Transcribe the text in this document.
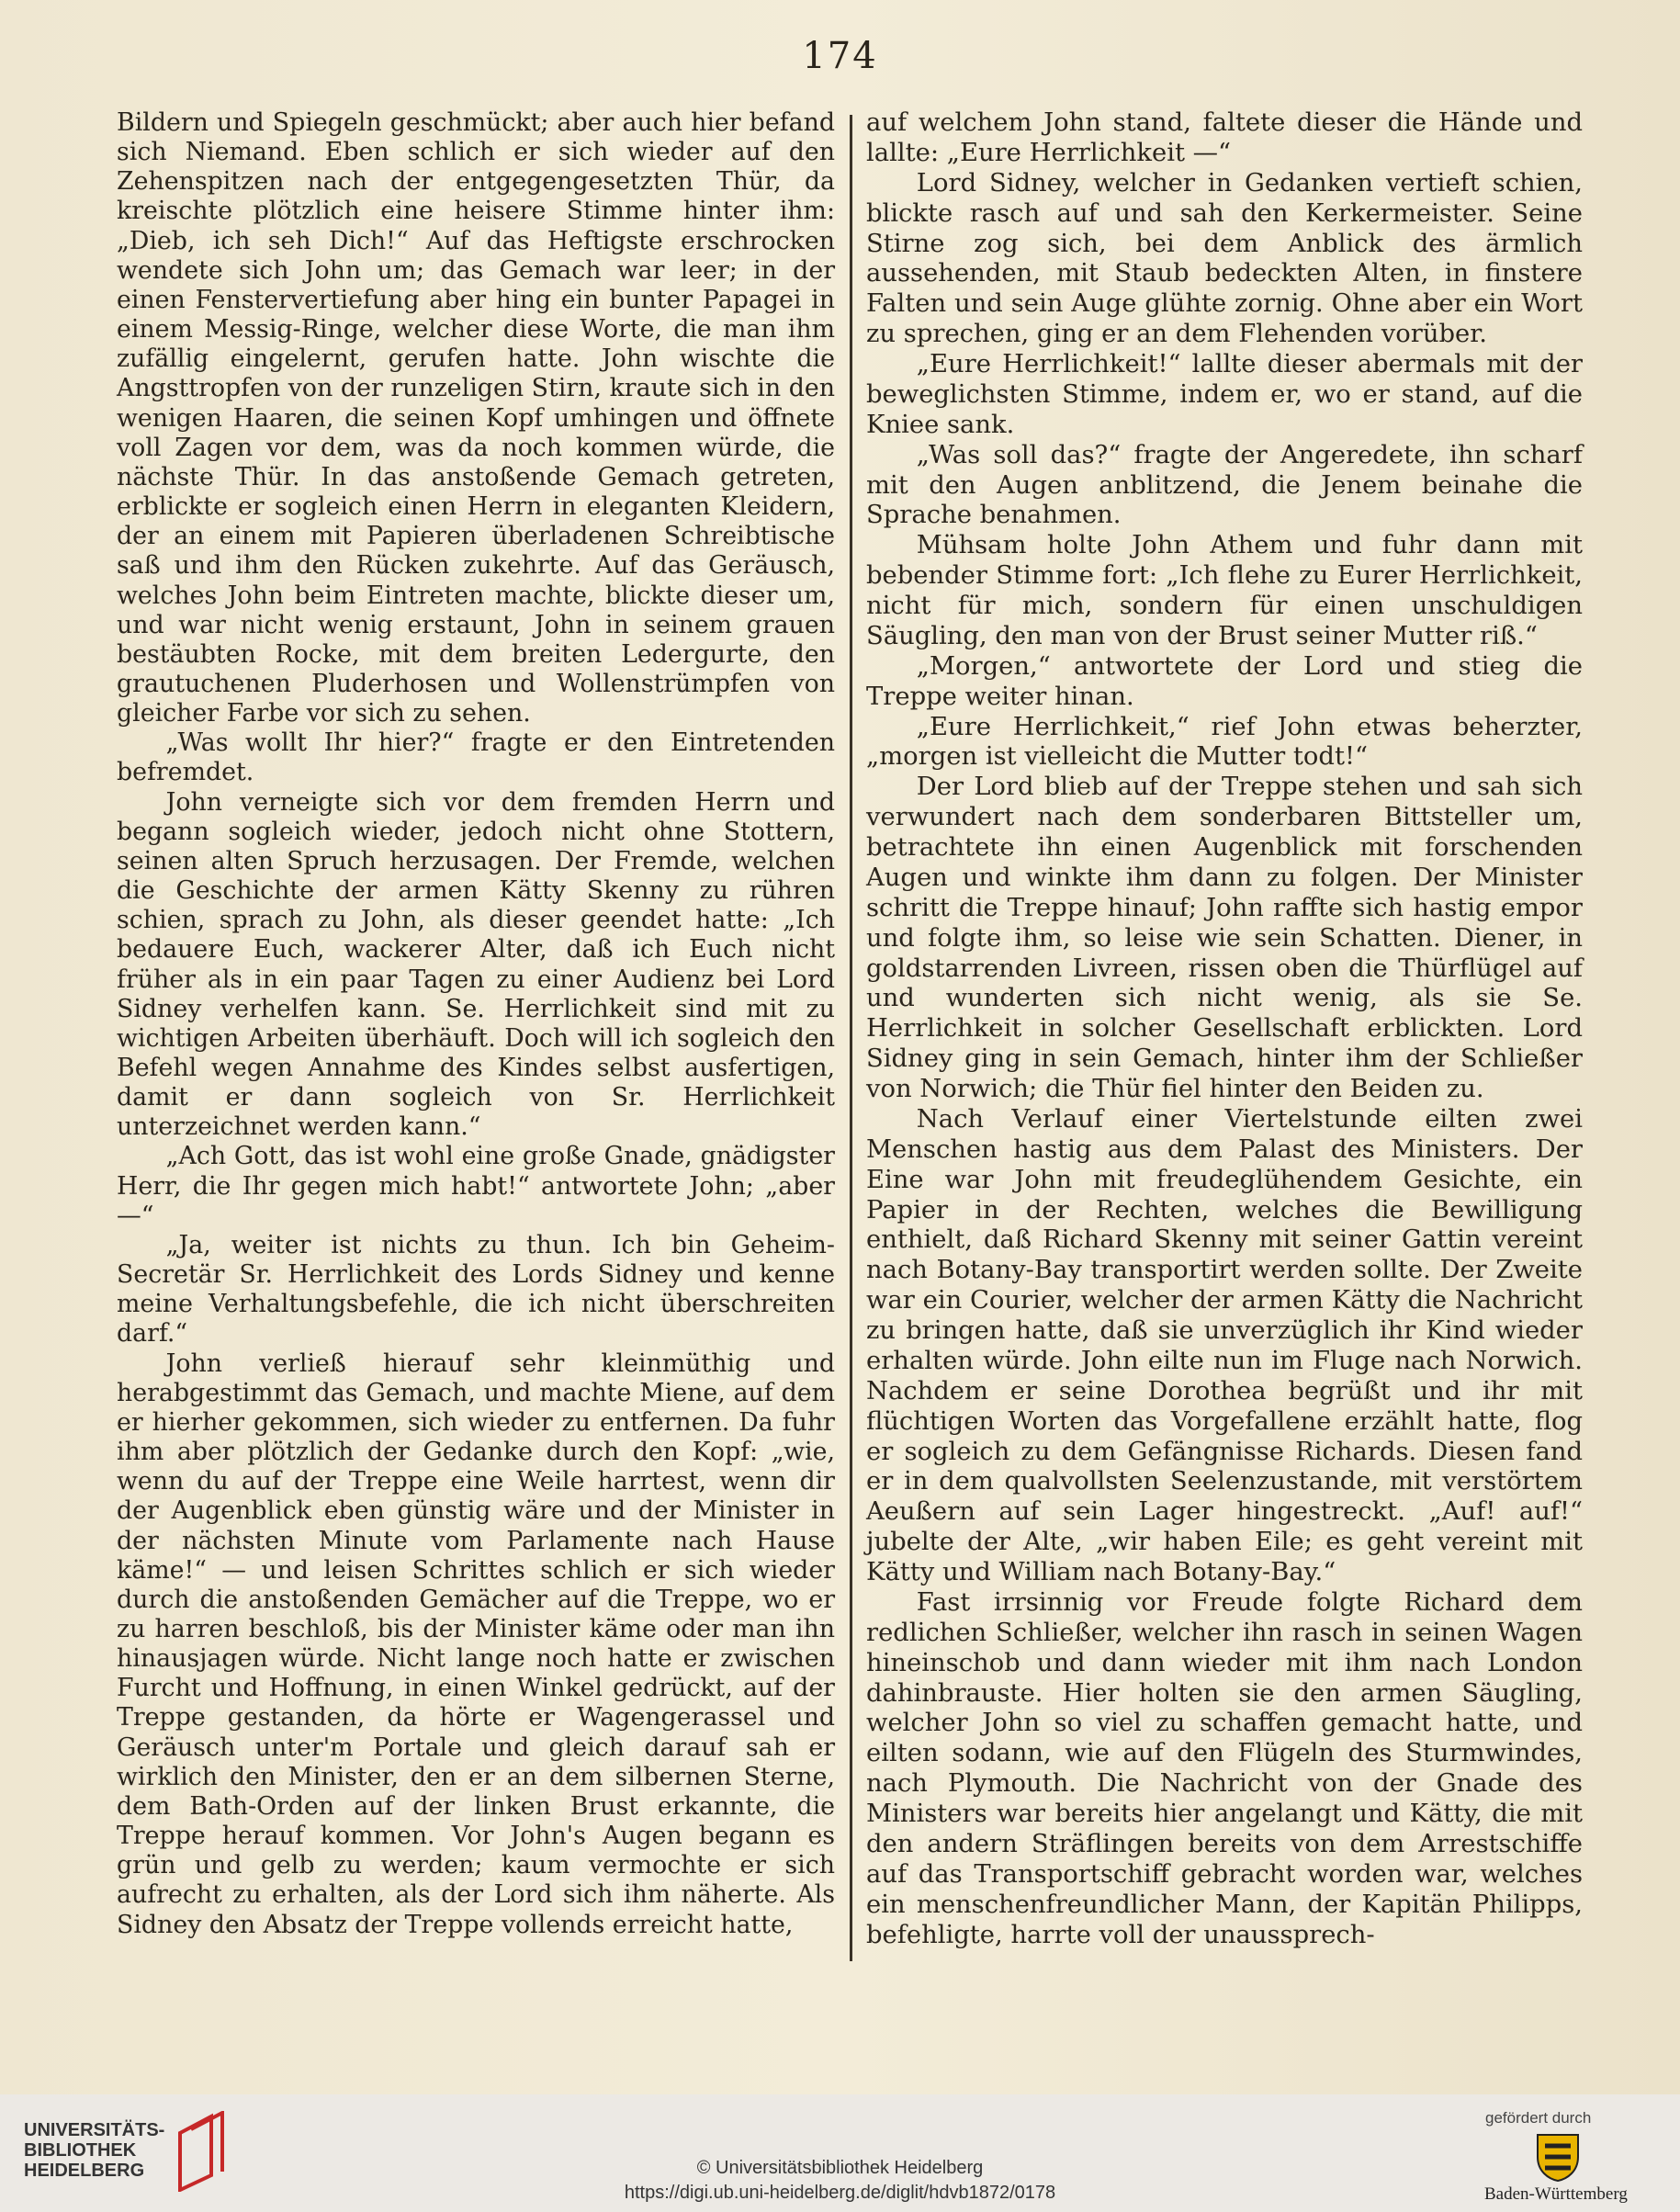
174

Bildern und Spiegeln geschmückt; aber auch hier befand sich Niemand. Eben schlich er sich wieder auf den Zehenspitzen nach der entgegengesetzten Thür, da kreischte plötzlich eine heisere Stimme hinter ihm: „Dieb, ich seh Dich!“ Auf das Heftigste erschrocken wendete sich John um; das Gemach war leer; in der einen Fenstervertiefung aber hing ein bunter Papagei in einem Messig-Ringe, welcher diese Worte, die man ihm zufällig eingelernt, gerufen hatte. John wischte die Angsttropfen von der runzeligen Stirn, kraute sich in den wenigen Haaren, die seinen Kopf umhingen und öffnete voll Zagen vor dem, was da noch kommen würde, die nächste Thür. In das anstoßende Gemach getreten, erblickte er sogleich einen Herrn in eleganten Kleidern, der an einem mit Papieren überladenen Schreibtische saß und ihm den Rücken zukehrte. Auf das Geräusch, welches John beim Eintreten machte, blickte dieser um, und war nicht wenig erstaunt, John in seinem grauen bestäubten Rocke, mit dem breiten Ledergurte, den grautuchenen Pluderhosen und Wollenstrümpfen von gleicher Farbe vor sich zu sehen.

„Was wollt Ihr hier?“ fragte er den Eintretenden befremdet.

John verneigte sich vor dem fremden Herrn und begann sogleich wieder, jedoch nicht ohne Stottern, seinen alten Spruch herzusagen. Der Fremde, welchen die Geschichte der armen Kätty Skenny zu rühren schien, sprach zu John, als dieser geendet hatte: „Ich bedauere Euch, wackerer Alter, daß ich Euch nicht früher als in ein paar Tagen zu einer Audienz bei Lord Sidney verhelfen kann. Se. Herrlichkeit sind mit zu wichtigen Arbeiten überhäuft. Doch will ich sogleich den Befehl wegen Annahme des Kindes selbst ausfertigen, damit er dann sogleich von Sr. Herrlichkeit unterzeichnet werden kann.“

„Ach Gott, das ist wohl eine große Gnade, gnädigster Herr, die Ihr gegen mich habt!“ antwortete John; „aber —“

„Ja, weiter ist nichts zu thun. Ich bin Geheim-Secretär Sr. Herrlichkeit des Lords Sidney und kenne meine Verhaltungsbefehle, die ich nicht überschreiten darf.“

John verließ hierauf sehr kleinmüthig und herabgestimmt das Gemach, und machte Miene, auf dem er hierher gekommen, sich wieder zu entfernen. Da fuhr ihm aber plötzlich der Gedanke durch den Kopf: „wie, wenn du auf der Treppe eine Weile harrtest, wenn dir der Augenblick eben günstig wäre und der Minister in der nächsten Minute vom Parlamente nach Hause käme!“ — und leisen Schrittes schlich er sich wieder durch die anstoßenden Gemächer auf die Treppe, wo er zu harren beschloß, bis der Minister käme oder man ihn hinausjagen würde. Nicht lange noch hatte er zwischen Furcht und Hoffnung, in einen Winkel gedrückt, auf der Treppe gestanden, da hörte er Wagengerassel und Geräusch unter'm Portale und gleich darauf sah er wirklich den Minister, den er an dem silbernen Sterne, dem Bath-Orden auf der linken Brust erkannte, die Treppe herauf kommen. Vor John's Augen begann es grün und gelb zu werden; kaum vermochte er sich aufrecht zu erhalten, als der Lord sich ihm näherte. Als Sidney den Absatz der Treppe vollends erreicht hatte,

auf welchem John stand, faltete dieser die Hände und lallte: „Eure Herrlichkeit —“

Lord Sidney, welcher in Gedanken vertieft schien, blickte rasch auf und sah den Kerkermeister. Seine Stirne zog sich, bei dem Anblick des ärmlich aussehenden, mit Staub bedeckten Alten, in finstere Falten und sein Auge glühte zornig. Ohne aber ein Wort zu sprechen, ging er an dem Flehenden vorüber.

„Eure Herrlichkeit!“ lallte dieser abermals mit der beweglichsten Stimme, indem er, wo er stand, auf die Kniee sank.

„Was soll das?“ fragte der Angeredete, ihn scharf mit den Augen anblitzend, die Jenem beinahe die Sprache benahmen.

Mühsam holte John Athem und fuhr dann mit bebender Stimme fort: „Ich flehe zu Eurer Herrlichkeit, nicht für mich, sondern für einen unschuldigen Säugling, den man von der Brust seiner Mutter riß.“

„Morgen,“ antwortete der Lord und stieg die Treppe weiter hinan.

„Eure Herrlichkeit,“ rief John etwas beherzter, „morgen ist vielleicht die Mutter todt!“

Der Lord blieb auf der Treppe stehen und sah sich verwundert nach dem sonderbaren Bittsteller um, betrachtete ihn einen Augenblick mit forschenden Augen und winkte ihm dann zu folgen. Der Minister schritt die Treppe hinauf; John raffte sich hastig empor und folgte ihm, so leise wie sein Schatten. Diener, in goldstarrenden Livreen, rissen oben die Thürflügel auf und wunderten sich nicht wenig, als sie Se. Herrlichkeit in solcher Gesellschaft erblickten. Lord Sidney ging in sein Gemach, hinter ihm der Schließer von Norwich; die Thür fiel hinter den Beiden zu.

Nach Verlauf einer Viertelstunde eilten zwei Menschen hastig aus dem Palast des Ministers. Der Eine war John mit freudeglühendem Gesichte, ein Papier in der Rechten, welches die Bewilligung enthielt, daß Richard Skenny mit seiner Gattin vereint nach Botany-Bay transportirt werden sollte. Der Zweite war ein Courier, welcher der armen Kätty die Nachricht zu bringen hatte, daß sie unverzüglich ihr Kind wieder erhalten würde. John eilte nun im Fluge nach Norwich. Nachdem er seine Dorothea begrüßt und ihr mit flüchtigen Worten das Vorgefallene erzählt hatte, flog er sogleich zu dem Gefängnisse Richards. Diesen fand er in dem qualvollsten Seelenzustande, mit verstörtem Aeußern auf sein Lager hingestreckt. „Auf! auf!“ jubelte der Alte, „wir haben Eile; es geht vereint mit Kätty und William nach Botany-Bay.“

Fast irrsinnig vor Freude folgte Richard dem redlichen Schließer, welcher ihn rasch in seinen Wagen hineinschob und dann wieder mit ihm nach London dahinbrauste. Hier holten sie den armen Säugling, welcher John so viel zu schaffen gemacht hatte, und eilten sodann, wie auf den Flügeln des Sturmwindes, nach Plymouth. Die Nachricht von der Gnade des Ministers war bereits hier angelangt und Kätty, die mit den andern Sträflingen bereits von dem Arrestschiffe auf das Transportschiff gebracht worden war, welches ein menschenfreundlicher Mann, der Kapitän Philipps, befehligte, harrte voll der unaussprech-

UNIVERSITÄTS-
BIBLIOTHEK
HEIDELBERG	© Universitätsbibliothek Heidelberg
https://digi.ub.uni-heidelberg.de/diglit/hdvb1872/0178
gefördert durch
Baden-Württemberg
